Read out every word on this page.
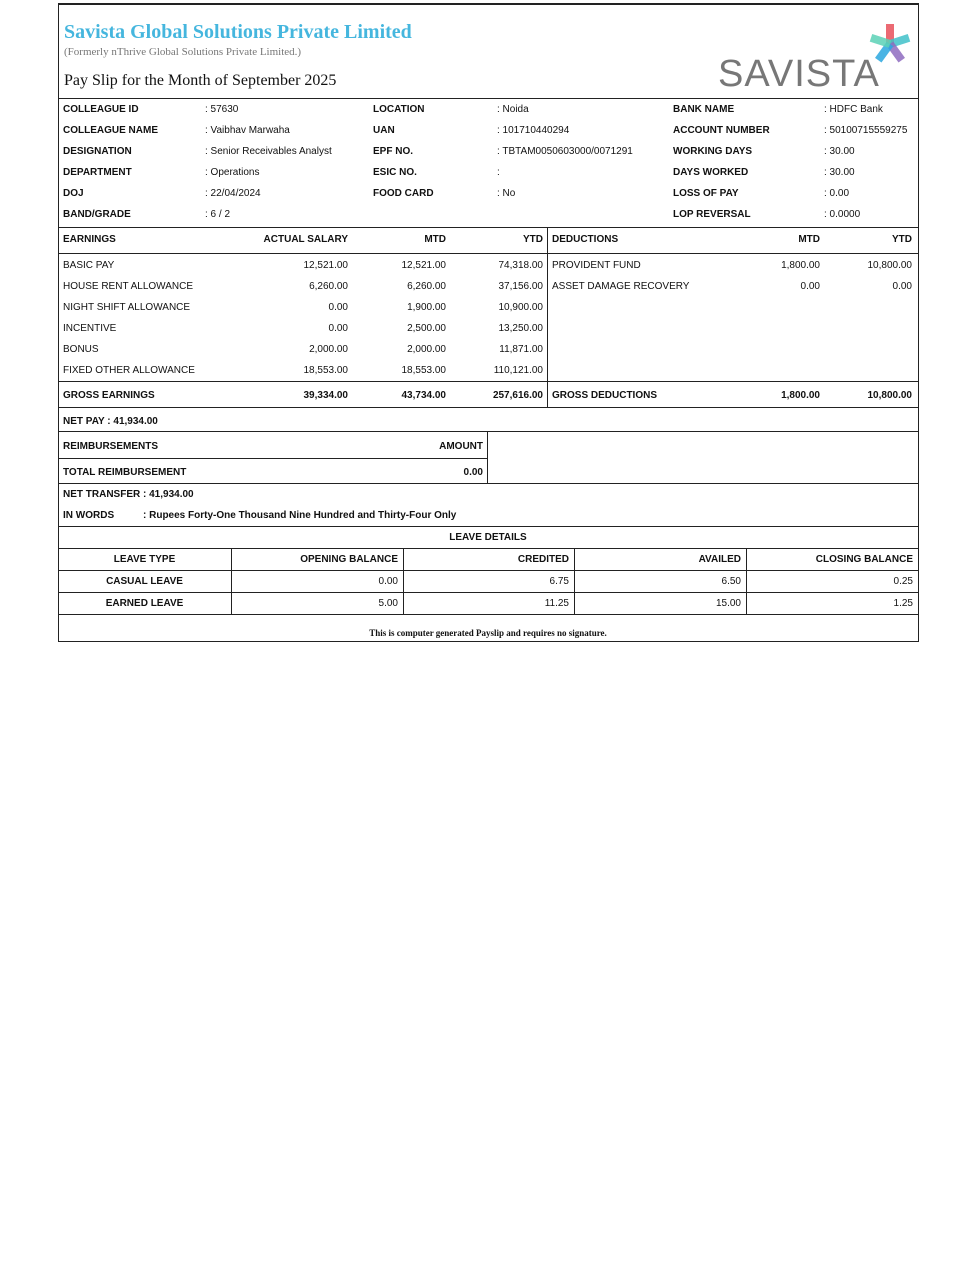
Savista Global Solutions Private Limited
(Formerly nThrive Global Solutions Private Limited.)
Pay Slip for the Month of September 2025	SAVISTA
COLLEAGUE ID	: 57630	LOCATION	: Noida	BANK NAME	: HDFC Bank
COLLEAGUE NAME	: Vaibhav Marwaha	UAN	: 101710440294	ACCOUNT NUMBER	: 50100715559275
DESIGNATION	: Senior Receivables Analyst	EPF NO.	: TBTAM0050603000/0071291	WORKING DAYS	: 30.00
DEPARTMENT	: Operations	ESIC NO.	:	DAYS WORKED	: 30.00
DOJ	: 22/04/2024	FOOD CARD	: No	LOSS OF PAY	: 0.00
BAND/GRADE	: 6 / 2	LOP REVERSAL	: 0.0000
EARNINGS	ACTUAL SALARY	MTD	YTD
BASIC PAY	12,521.00	12,521.00	74,318.00
HOUSE RENT ALLOWANCE	6,260.00	6,260.00	37,156.00
NIGHT SHIFT ALLOWANCE	0.00	1,900.00	10,900.00
INCENTIVE	0.00	2,500.00	13,250.00
BONUS	2,000.00	2,000.00	11,871.00
FIXED OTHER ALLOWANCE	18,553.00	18,553.00	110,121.00
GROSS EARNINGS	39,334.00	43,734.00	257,616.00
DEDUCTIONS	MTD	YTD
PROVIDENT FUND	1,800.00	10,800.00
ASSET DAMAGE RECOVERY	0.00	0.00
GROSS DEDUCTIONS	1,800.00	10,800.00
NET PAY : 41,934.00
REIMBURSEMENTS	AMOUNT
TOTAL REIMBURSEMENT	0.00
NET TRANSFER : 41,934.00
IN WORDS	: Rupees Forty-One Thousand Nine Hundred and Thirty-Four Only
LEAVE DETAILS
LEAVE TYPE	OPENING BALANCE	CREDITED	AVAILED	CLOSING BALANCE
CASUAL LEAVE	0.00	6.75	6.50	0.25
EARNED LEAVE	5.00	11.25	15.00	1.25
This is computer generated Payslip and requires no signature.
